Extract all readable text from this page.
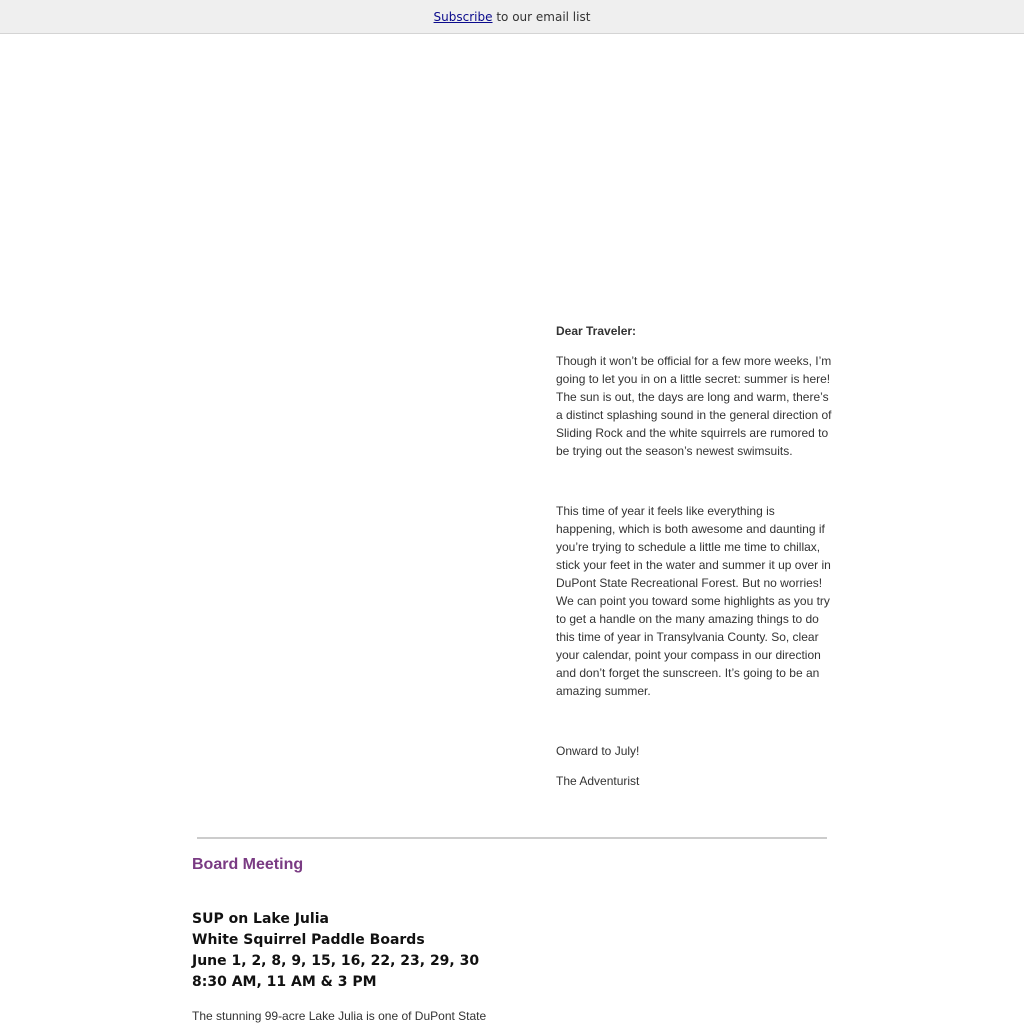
Subscribe to our email list

Dear Traveler:

Though it won’t be official for a few more weeks, I’m going to let you in on a little secret: summer is here! The sun is out, the days are long and warm, there’s a distinct splashing sound in the general direction of Sliding Rock and the white squirrels are rumored to be trying out the season’s newest swimsuits.

This time of year it feels like everything is happening, which is both awesome and daunting if you’re trying to schedule a little me time to chillax, stick your feet in the water and summer it up over in DuPont State Recreational Forest. But no worries! We can point you toward some highlights as you try to get a handle on the many amazing things to do this time of year in Transylvania County. So, clear your calendar, point your compass in our direction and don’t forget the sunscreen. It’s going to be an amazing summer.

Onward to July!

The Adventurist

Board Meeting
SUP on Lake Julia
White Squirrel Paddle Boards
June 1, 2, 8, 9, 15, 16, 22, 23, 29, 30
8:30 AM, 11 AM & 3 PM
The stunning 99-acre Lake Julia is one of DuPont State
